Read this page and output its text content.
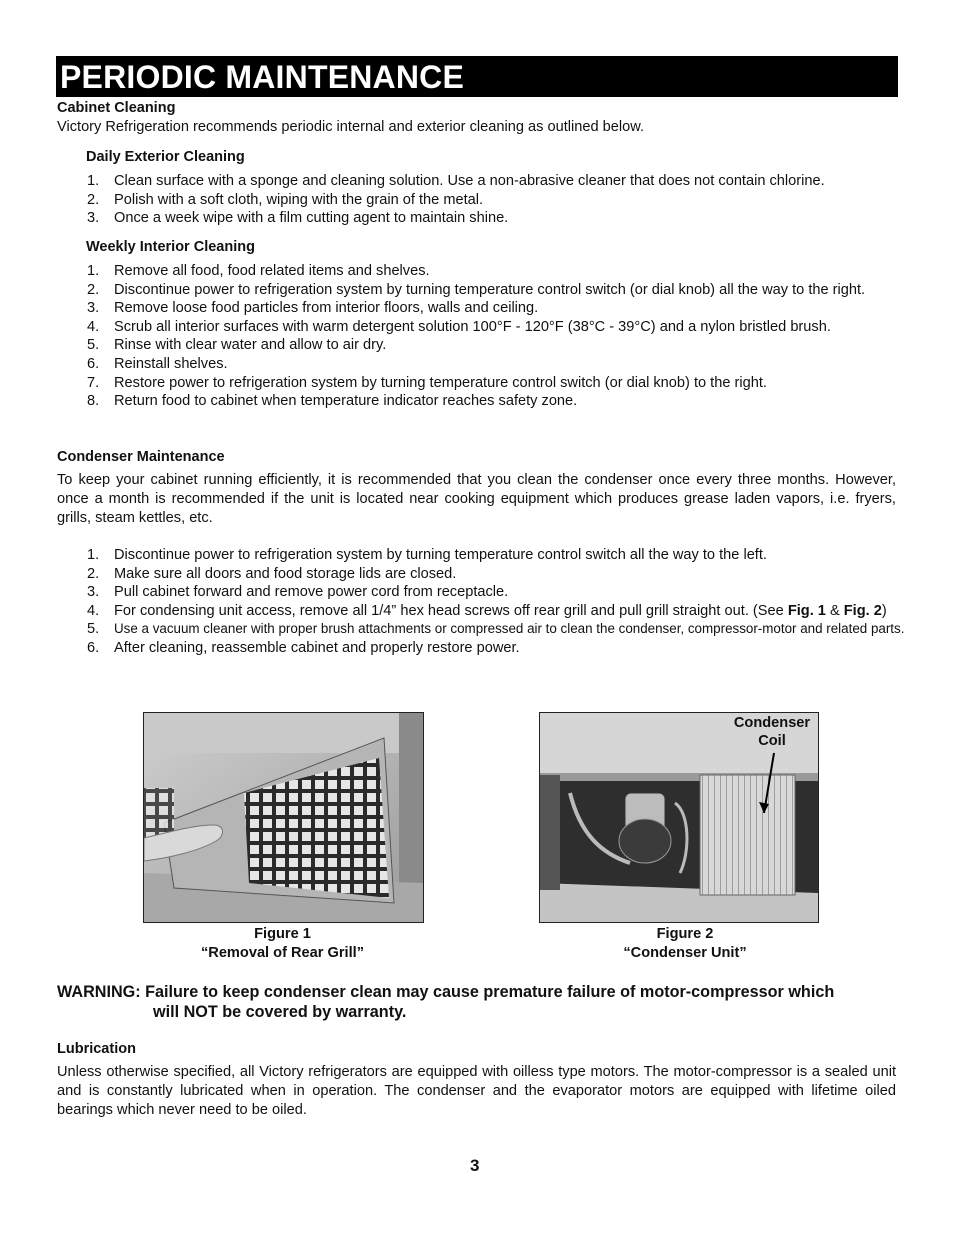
PERIODIC MAINTENANCE
Cabinet Cleaning
Victory Refrigeration recommends periodic internal and exterior cleaning as outlined below.
Daily Exterior Cleaning
1. Clean surface with a sponge and cleaning solution. Use a non-abrasive cleaner that does not contain chlorine.
2. Polish with a soft cloth, wiping with the grain of the metal.
3. Once a week wipe with a film cutting agent to maintain shine.
Weekly Interior Cleaning
1. Remove all food, food related items and shelves.
2. Discontinue power to refrigeration system by turning temperature control switch (or dial knob) all the way to the right.
3. Remove loose food particles from interior floors, walls and ceiling.
4. Scrub all interior surfaces with warm detergent solution 100°F - 120°F (38°C - 39°C) and a nylon bristled brush.
5. Rinse with clear water and allow to air dry.
6. Reinstall shelves.
7. Restore power to refrigeration system by turning temperature control switch (or dial knob) to the right.
8. Return food to cabinet when temperature indicator reaches safety zone.
Condenser Maintenance
To keep your cabinet running efficiently, it is recommended that you clean the condenser once every three months. However, once a month is recommended if the unit is located near cooking equipment which produces grease laden vapors, i.e. fryers, grills, steam kettles, etc.
1. Discontinue power to refrigeration system by turning temperature control switch all the way to the left.
2. Make sure all doors and food storage lids are closed.
3. Pull cabinet forward and remove power cord from receptacle.
4. For condensing unit access, remove all 1/4” hex head screws off rear grill and pull grill straight out. (See Fig. 1 & Fig. 2)
5. Use a vacuum cleaner with proper brush attachments or compressed air to clean the condenser, compressor-motor and related parts.
6. After cleaning, reassemble cabinet and properly restore power.
Figure 1
“Removal of Rear Grill”
Condenser
Coil
Figure 2
“Condenser Unit”
WARNING: Failure to keep condenser clean may cause premature failure of motor-compressor which
will NOT be covered by warranty.
Lubrication
Unless otherwise specified, all Victory refrigerators are equipped with oilless type motors. The motor-compressor is a sealed unit and is constantly lubricated when in operation. The condenser and the evaporator motors are equipped with lifetime oiled bearings which never need to be oiled.
3
